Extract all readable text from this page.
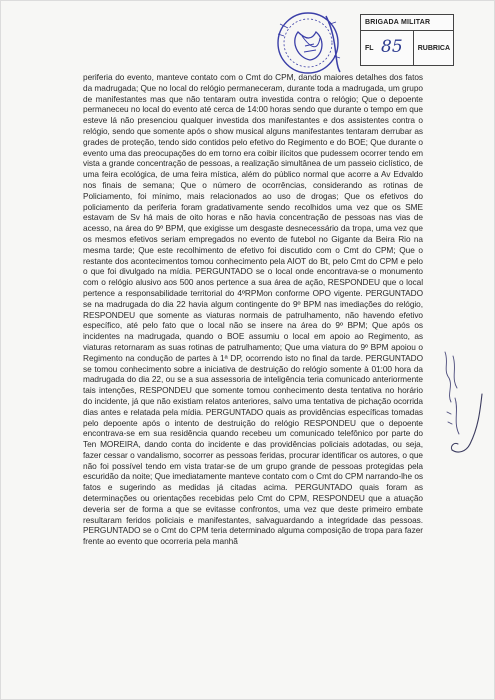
BRIGADA MILITAR
FL 85 RUBRICA
periferia do evento, manteve contato com o Cmt do CPM, dando maiores detalhes dos fatos da madrugada; Que no local do relógio permaneceram, durante toda a madrugada, um grupo de manifestantes mas que não tentaram outra investida contra o relógio; Que o depoente permaneceu no local do evento até cerca de 14:00 horas sendo que durante o tempo em que esteve lá não presenciou qualquer investida dos manifestantes e dos assistentes contra o relógio, sendo que somente após o show musical alguns manifestantes tentaram derrubar as grades de proteção, tendo sido contidos pelo efetivo do Regimento e do BOE; Que durante o evento uma das preocupações do em torno era coibir ilícitos que pudessem ocorrer tendo em vista a grande concentração de pessoas, a realização simultânea de um passeio ciclístico, de uma feira ecológica, de uma feira mística, além do público normal que acorre a Av Edvaldo nos finais de semana; Que o número de ocorrências, considerando as rotinas de Policiamento, foi mínimo, mais relacionados ao uso de drogas; Que os efetivos do policiamento da periferia foram gradativamente sendo recolhidos uma vez que os SME estavam de Sv há mais de oito horas e não havia concentração de pessoas nas vias de acesso, na área do 9º BPM, que exigisse um desgaste desnecessário da tropa, uma vez que os mesmos efetivos seriam empregados no evento de futebol no Gigante da Beira Rio na mesma tarde; Que este recolhimento de efetivo foi discutido com o Cmt do CPM; Que o restante dos acontecimentos tomou conhecimento pela AIOT do Bt, pelo Cmt do CPM e pelo o que foi divulgado na mídia. PERGUNTADO se o local onde encontrava-se o monumento com o relógio alusivo aos 500 anos pertence a sua área de ação, RESPONDEU que o local pertence a responsabilidade territorial do 4ºRPMon conforme OPO vigente. PERGUNTADO se na madrugada do dia 22 havia algum contingente do 9º BPM nas imediações do relógio, RESPONDEU que somente as viaturas normais de patrulhamento, não havendo efetivo específico, até pelo fato que o local não se insere na área do 9º BPM; Que após os incidentes na madrugada, quando o BOE assumiu o local em apoio ao Regimento, as viaturas retornaram as suas rotinas de patrulhamento; Que uma viatura do 9º BPM apoiou o Regimento na condução de partes à 1ª DP, ocorrendo isto no final da tarde. PERGUNTADO se tomou conhecimento sobre a iniciativa de destruição do relógio somente à 01:00 hora da madrugada do dia 22, ou se a sua assessoria de inteligência teria comunicado anteriormente tais intenções, RESPONDEU que somente tomou conhecimento desta tentativa no horário do incidente, já que não existiam relatos anteriores, salvo uma tentativa de pichação ocorrida dias antes e relatada pela mídia. PERGUNTADO quais as providências específicas tomadas pelo depoente após o intento de destruição do relógio RESPONDEU que o depoente encontrava-se em sua residência quando recebeu um comunicado telefônico por parte do Ten MOREIRA, dando conta do incidente e das providências policiais adotadas, ou seja, fazer cessar o vandalismo, socorrer as pessoas feridas, procurar identificar os autores, o que não foi possível tendo em vista tratar-se de um grupo grande de pessoas protegidas pela escuridão da noite; Que imediatamente manteve contato com o Cmt do CPM narrando-lhe os fatos e sugerindo as medidas já citadas acima. PERGUNTADO quais foram as determinações ou orientações recebidas pelo Cmt do CPM, RESPONDEU que a atuação deveria ser de forma a que se evitasse confrontos, uma vez que deste primeiro embate resultaram feridos policiais e manifestantes, salvaguardando a integridade das pessoas. PERGUNTADO se o Cmt do CPM teria determinado alguma composição de tropa para fazer frente ao evento que ocorreria pela manhã
